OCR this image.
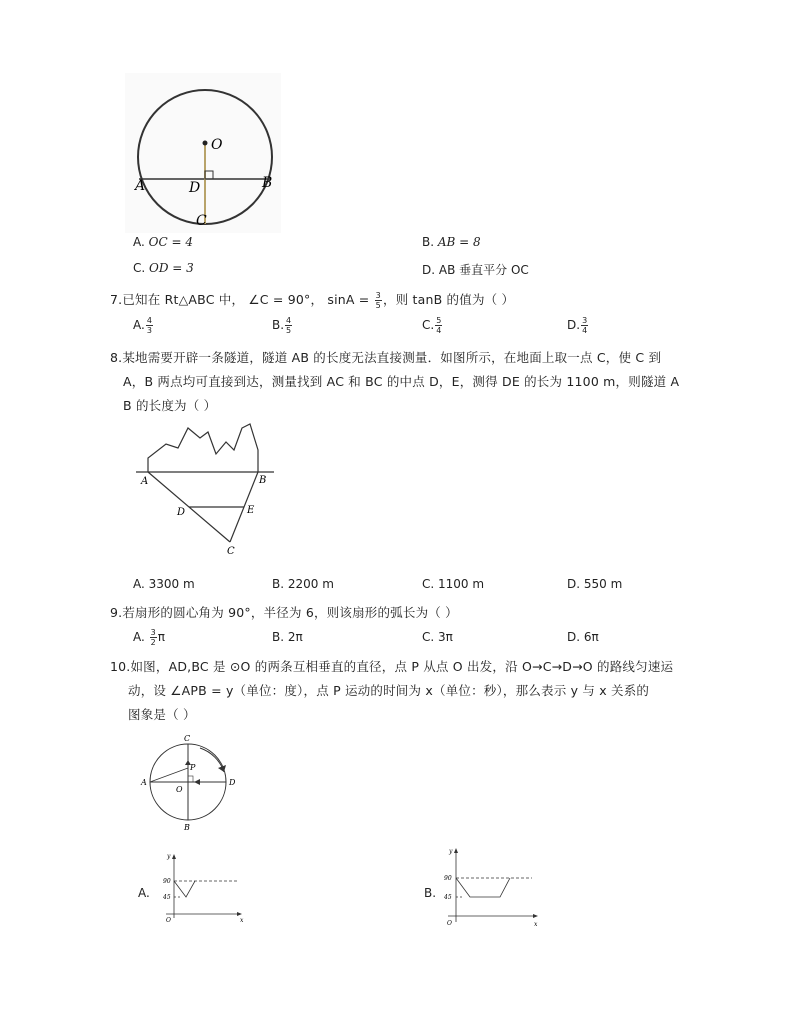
O
A	B
D
C
A. OC = 4	B. AB = 8
C. OD = 3	D. AB 垂直平分 OC
7.已知在 Rt△ABC 中， ∠C = 90°， $\sin A = \frac{3}{5}$ ，则 tanB 的值为（ ）
A. $\frac{4}{3}$	B. $\frac{4}{5}$	C. $\frac{5}{4}$	D. $\frac{3}{4}$
8.某地需要开辟一条隧道，隧道 AB 的长度无法直接测量．如图所示，在地面上取一点 C，使 C 到
A，B 两点均可直接到达，测量找到 AC 和 BC 的中点 D，E，测得 DE 的长为 1100 m，则隧道 A
B 的长度为（ ）
A	B
D	E
C
A. 3300 m	B. 2200 m	C. 1100 m	D. 550 m
9.若扇形的圆心角为 90°，半径为 6，则该扇形的弧长为（ ）
A. $\frac{3}{2}$ π	B. 2π	C. 3π	D. 6π
10.如图，AD,BC 是 ⊙O 的两条互相垂直的直径，点 P 从点 O 出发，沿 O→C→D→O 的路线匀速运
动，设 ∠APB = y（单位：度），点 P 运动的时间为 x（单位：秒），那么表示 y 与 x 关系的
图象是（ ）
C
B
A	D
O
P
A.
y
x
O
90
45	B.
y
x
O
90
45
